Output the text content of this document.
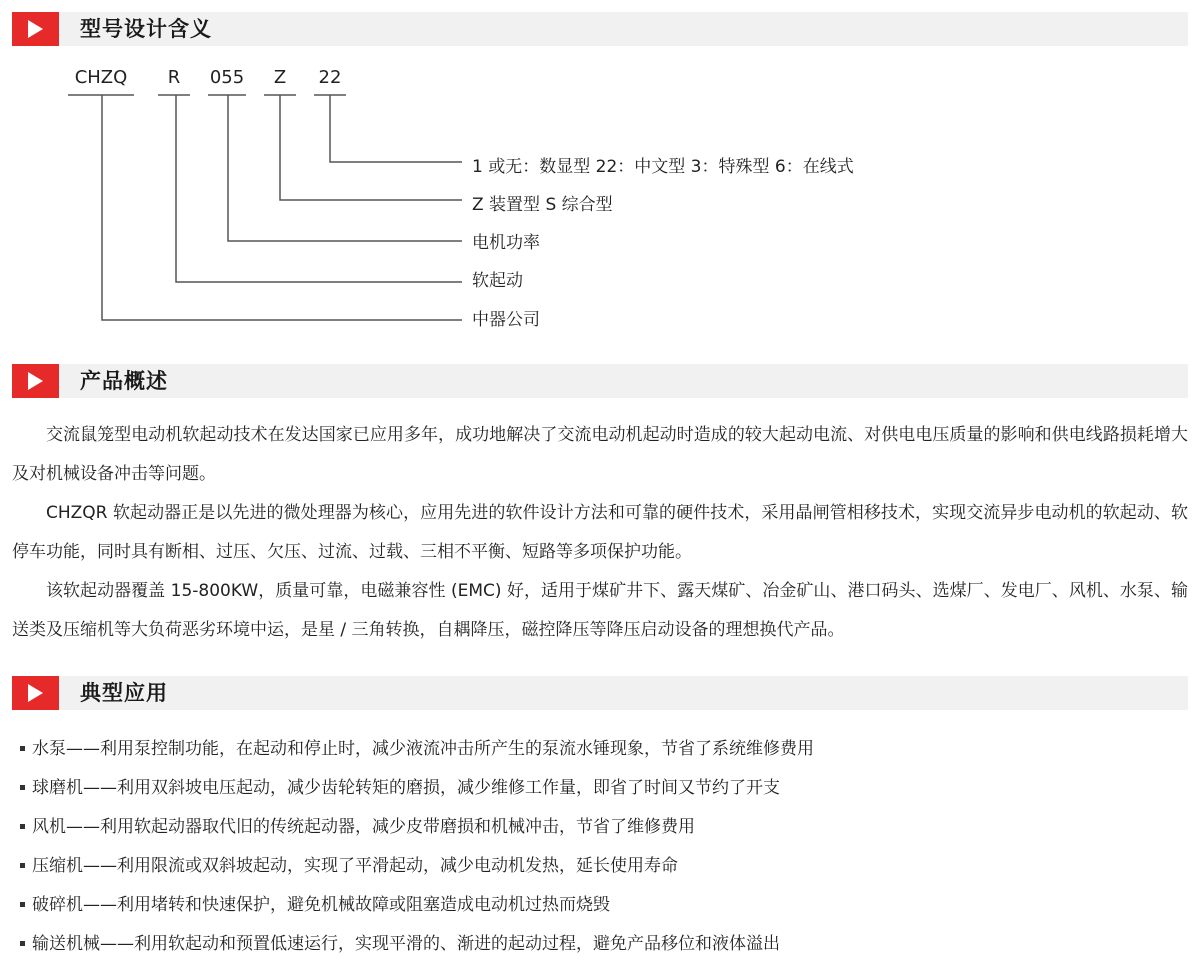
型号设计含义
CHZQ	R	055	Z	22
1 或无：数显型 22：中文型 3：特殊型 6：在线式
Z 装置型 S 综合型
电机功率
软起动
中器公司
产品概述

交流鼠笼型电动机软起动技术在发达国家已应用多年，成功地解决了交流电动机起动时造成的较大起动电流、对供电电压质量的影响和供电线路损耗增大及对机械设备冲击等问题。

CHZQR 软起动器正是以先进的微处理器为核心，应用先进的软件设计方法和可靠的硬件技术，采用晶闸管相移技术，实现交流异步电动机的软起动、软停车功能，同时具有断相、过压、欠压、过流、过载、三相不平衡、短路等多项保护功能。

该软起动器覆盖 15-800KW，质量可靠，电磁兼容性 (EMC) 好，适用于煤矿井下、露天煤矿、冶金矿山、港口码头、选煤厂、发电厂、风机、水泵、输送类及压缩机等大负荷恶劣环境中运，是星 / 三角转换，自耦降压，磁控降压等降压启动设备的理想换代产品。

典型应用
水泵——利用泵控制功能，在起动和停止时，减少液流冲击所产生的泵流水锤现象，节省了系统维修费用
球磨机——利用双斜坡电压起动，减少齿轮转矩的磨损，减少维修工作量，即省了时间又节约了开支
风机——利用软起动器取代旧的传统起动器，减少皮带磨损和机械冲击，节省了维修费用
压缩机——利用限流或双斜坡起动，实现了平滑起动，减少电动机发热，延长使用寿命
破碎机——利用堵转和快速保护，避免机械故障或阻塞造成电动机过热而烧毁
输送机械——利用软起动和预置低速运行，实现平滑的、渐进的起动过程，避免产品移位和液体溢出
